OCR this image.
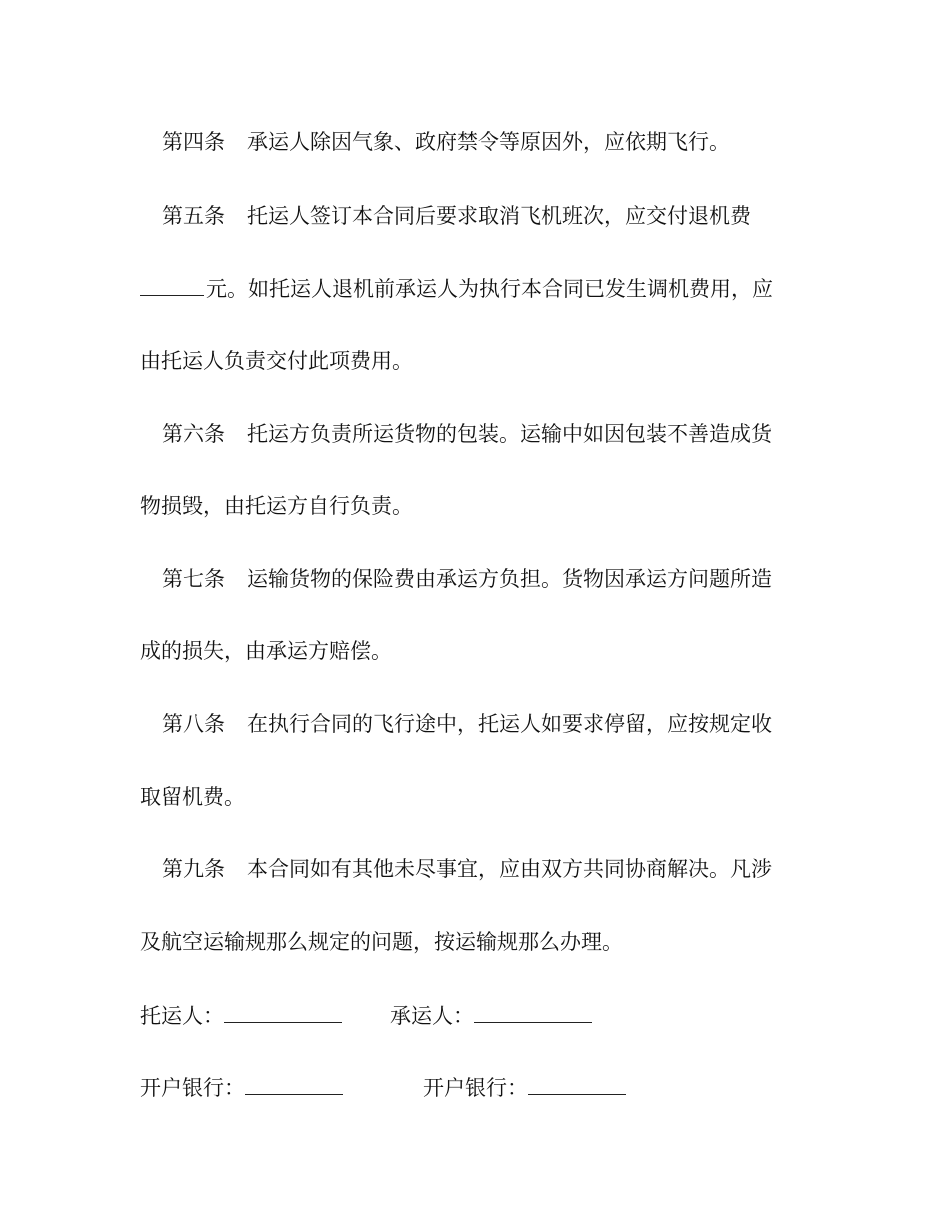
第四条 承运人除因气象、政府禁令等原因外，应依期飞行。
第五条 托运人签订本合同后要求取消飞机班次，应交付退机费
元。如托运人退机前承运人为执行本合同已发生调机费用，应
由托运人负责交付此项费用。
第六条 托运方负责所运货物的包装。运输中如因包装不善造成货
物损毁，由托运方自行负责。
第七条 运输货物的保险费由承运方负担。货物因承运方问题所造
成的损失，由承运方赔偿。
第八条 在执行合同的飞行途中，托运人如要求停留，应按规定收
取留机费。
第九条 本合同如有其他未尽事宜，应由双方共同协商解决。凡涉
及航空运输规那么规定的问题，按运输规那么办理。
托运人：	承运人：
开户银行：	开户银行：
